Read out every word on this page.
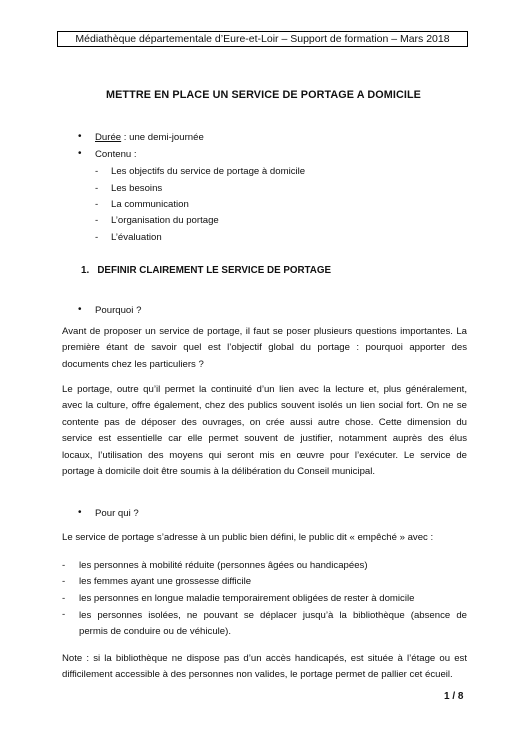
Médiathèque départementale d’Eure-et-Loir – Support de formation – Mars 2018
METTRE EN PLACE UN SERVICE DE PORTAGE A DOMICILE
• Durée : une demi-journée
• Contenu :
- Les objectifs du service de portage à domicile
- Les besoins
- La communication
- L’organisation du portage
- L’évaluation
1. DEFINIR CLAIREMENT LE SERVICE DE PORTAGE
• Pourquoi ?
Avant de proposer un service de portage, il faut se poser plusieurs questions importantes. La
première étant de savoir quel est l’objectif global du portage : pourquoi apporter des
documents chez les particuliers ?
Le portage, outre qu’il permet la continuité d’un lien avec la lecture et, plus généralement,
avec la culture, offre également, chez des publics souvent isolés un lien social fort. On ne se
contente pas de déposer des ouvrages, on crée aussi autre chose. Cette dimension du
service est essentielle car elle permet souvent de justifier, notamment auprès des élus
locaux, l’utilisation des moyens qui seront mis en œuvre pour l’exécuter. Le service de
portage à domicile doit être soumis à la délibération du Conseil municipal.
• Pour qui ?
Le service de portage s’adresse à un public bien défini, le public dit « empêché » avec :
- les personnes à mobilité réduite (personnes âgées ou handicapées)
- les femmes ayant une grossesse difficile
- les personnes en longue maladie temporairement obligées de rester à domicile
- les personnes isolées, ne pouvant se déplacer jusqu’à la bibliothèque (absence de
permis de conduire ou de véhicule).
Note : si la bibliothèque ne dispose pas d’un accès handicapés, est située à l’étage ou est
difficilement accessible à des personnes non valides, le portage permet de pallier cet écueil.
1 / 8
